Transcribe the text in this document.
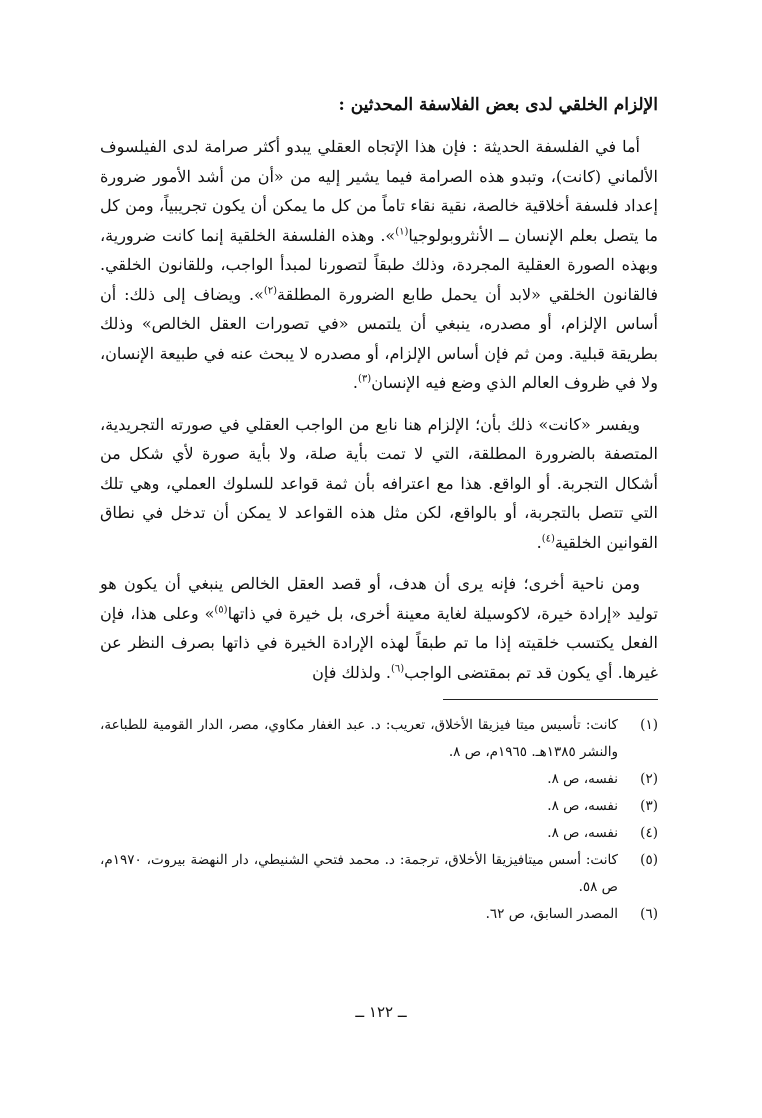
الإلزام الخلقي لدى بعض الفلاسفة المحدثين :

أما في الفلسفة الحديثة : فإن هذا الإتجاه العقلي يبدو أكثر صرامة لدى الفيلسوف الألماني (كانت)، وتبدو هذه الصرامة فيما يشير إليه من «أن من أشد الأمور ضرورة إعداد فلسفة أخلاقية خالصة، نقية نقاء تاماً من كل ما يمكن أن يكون تجريبياً، ومن كل ما يتصل بعلم الإنسان ــ الأنثروبولوجيا$^{(١)}$». وهذه الفلسفة الخلقية إنما كانت ضرورية، وبهذه الصورة العقلية المجردة، وذلك طبقاً لتصورنا لمبدأ الواجب، وللقانون الخلقي. فالقانون الخلقي «لابد أن يحمل طابع الضرورة المطلقة$^{(٢)}$». ويضاف إلى ذلك: أن أساس الإلزام، أو مصدره، ينبغي أن يلتمس «في تصورات العقل الخالص» وذلك بطريقة قبلية. ومن ثم فإن أساس الإلزام، أو مصدره لا يبحث عنه في طبيعة الإنسان، ولا في ظروف العالم الذي وضع فيه الإنسان$^{(٣)}$.

ويفسر «كانت» ذلك بأن؛ الإلزام هنا نابع من الواجب العقلي في صورته التجريدية، المتصفة بالضرورة المطلقة، التي لا تمت بأية صلة، ولا بأية صورة لأي شكل من أشكال التجربة. أو الواقع. هذا مع اعترافه بأن ثمة قواعد للسلوك العملي، وهي تلك التي تتصل بالتجربة، أو بالواقع، لكن مثل هذه القواعد لا يمكن أن تدخل في نطاق القوانين الخلقية$^{(٤)}$.

ومن ناحية أخرى؛ فإنه يرى أن هدف، أو قصد العقل الخالص ينبغي أن يكون هو توليد «إرادة خيرة، لاكوسيلة لغاية معينة أخرى، بل خيرة في ذاتها$^{(٥)}$» وعلى هذا، فإن الفعل يكتسب خلقيته إذا ما تم طبقاً لهذه الإرادة الخيرة في ذاتها بصرف النظر عن غيرها. أي يكون قد تم بمقتضى الواجب$^{(٦)}$. ولذلك فإن

(١)
كانت: تأسيس ميتا فيزيقا الأخلاق، تعريب: د. عبد الغفار مكاوي، مصر، الدار القومية للطباعة، والنشر ١٣٨٥هـ. ١٩٦٥م، ص ٨.
(٢)
نفسه، ص ٨.
(٣)
نفسه، ص ٨.
(٤)
نفسه، ص ٨.
(٥)
كانت: أسس ميتافيزيقا الأخلاق، ترجمة: د. محمد فتحي الشنيطي، دار النهضة بيروت، ١٩٧٠م، ص ٥٨.
(٦)
المصدر السابق، ص ٦٢.
ــ ١٢٢ ــ
